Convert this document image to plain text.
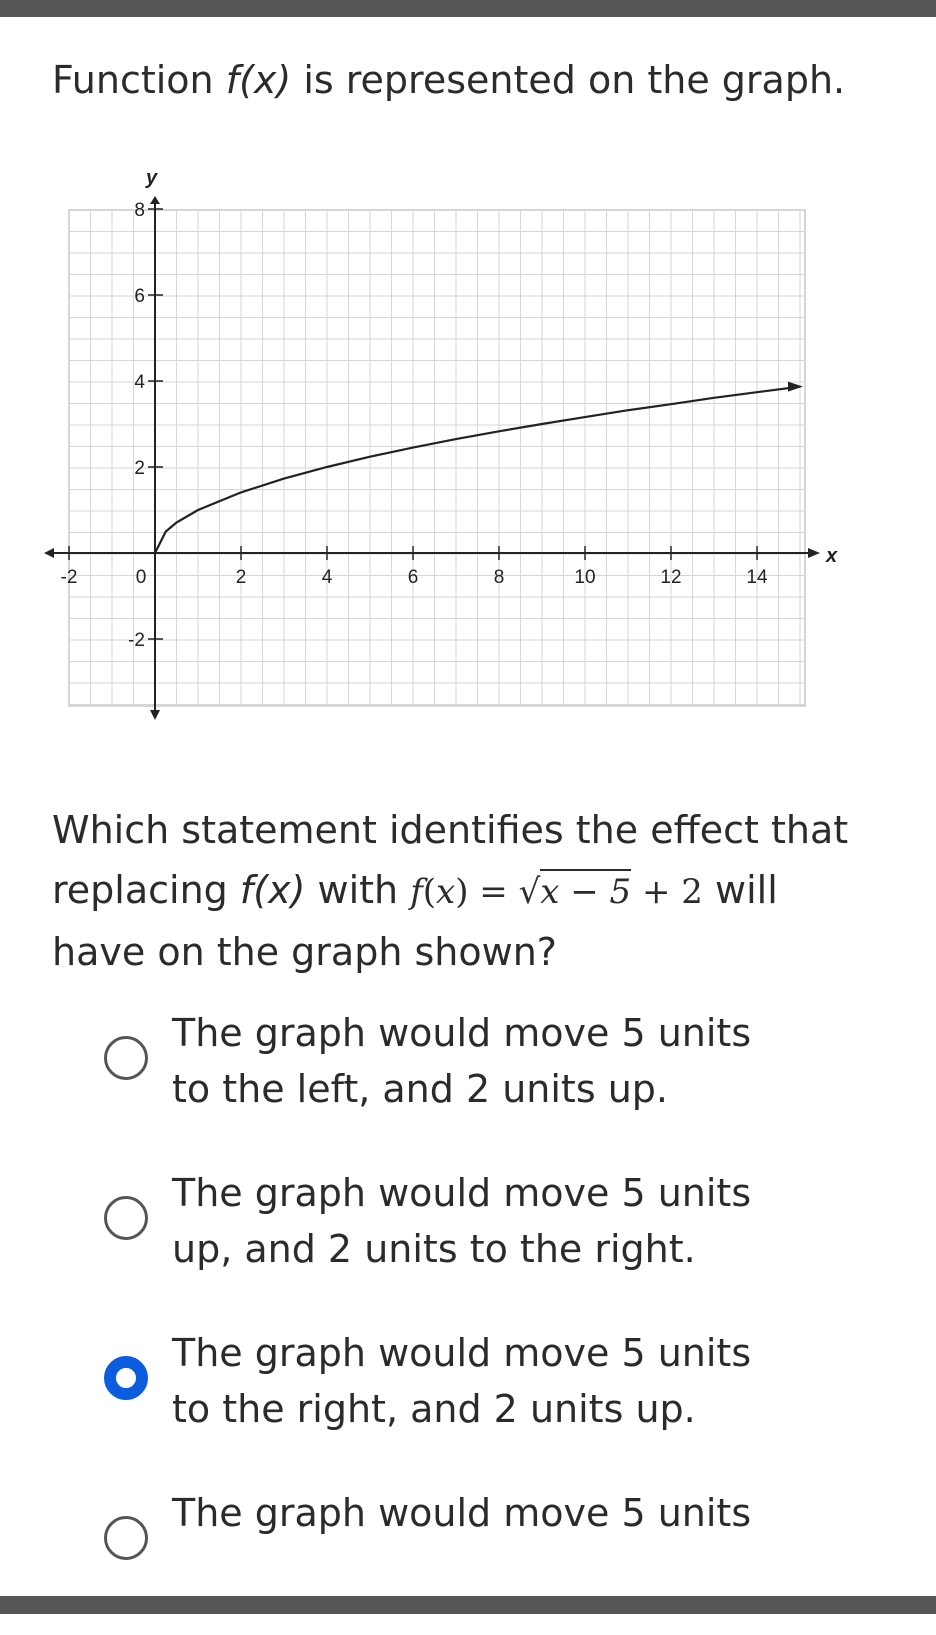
Function f(x) is represented on the graph.
x
y
-2	0	2	4	6	8	10	12	14
8
6
4
2
-2
Which statement identifies the effect that replacing f(x) with f(x) = √x − 5 + 2 will have on the graph shown?
The graph would move 5 units
to the left, and 2 units up.
The graph would move 5 units
up, and 2 units to the right.
The graph would move 5 units
to the right, and 2 units up.
The graph would move 5 units
